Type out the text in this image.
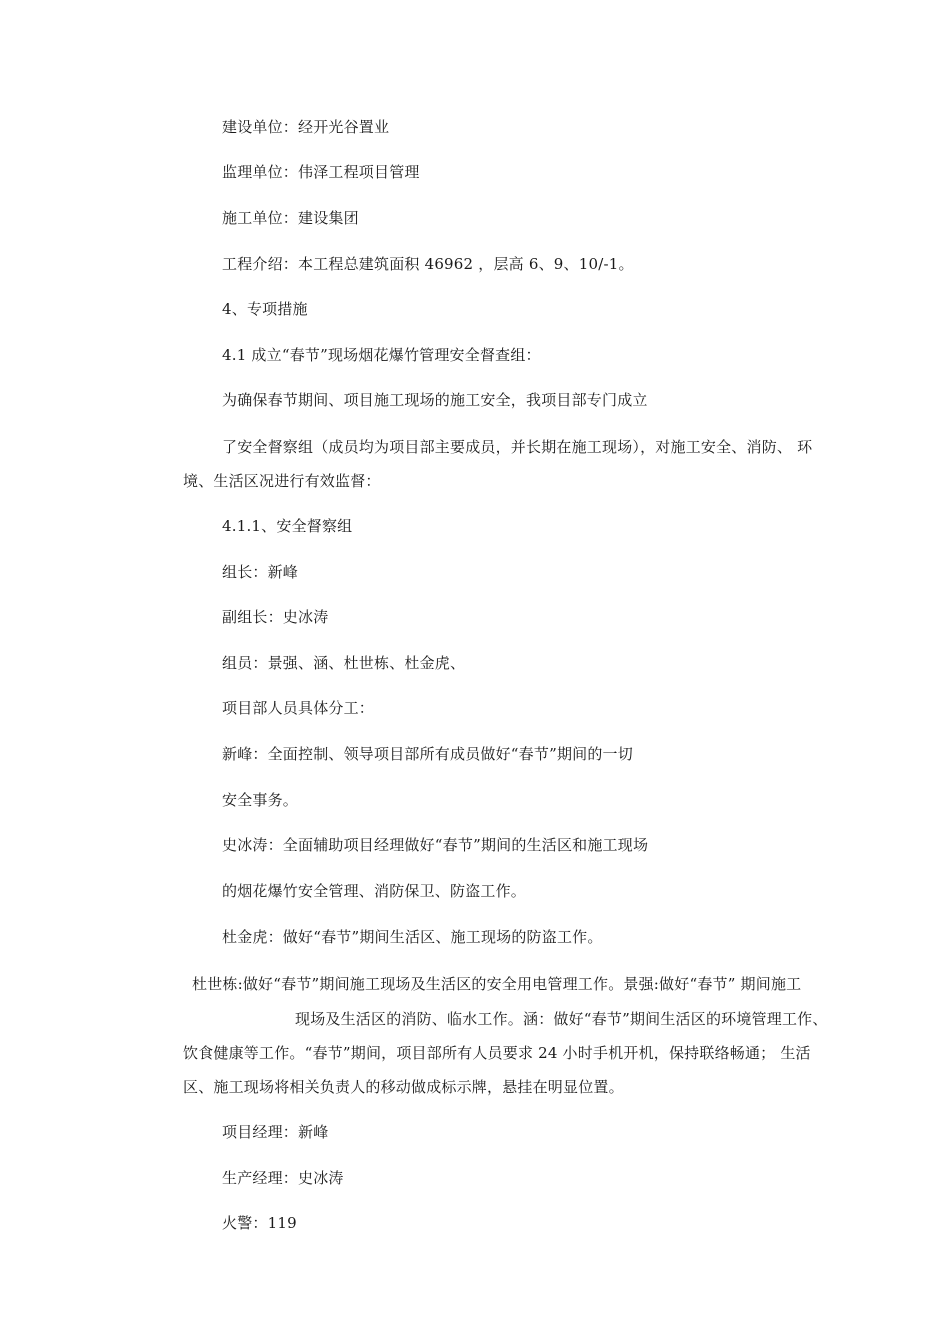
建设单位：经开光谷置业
监理单位：伟泽工程项目管理
施工单位：建设集团
工程介绍：本工程总建筑面积 46962 ，层高 6、9、10/-1。
4、专项措施
4.1 成立“春节”现场烟花爆竹管理安全督查组：
为确保春节期间、项目施工现场的施工安全，我项目部专门成立
了安全督察组（成员均为项目部主要成员，并长期在施工现场），对施工安全、消防、 环
境、生活区况进行有效监督：
4.1.1、安全督察组
组长：新峰
副组长：史冰涛
组员：景强、涵、杜世栋、杜金虎、
项目部人员具体分工：
新峰：全面控制、领导项目部所有成员做好“春节”期间的一切
安全事务。
史冰涛：全面辅助项目经理做好“春节”期间的生活区和施工现场
的烟花爆竹安全管理、消防保卫、防盗工作。
杜金虎：做好“春节”期间生活区、施工现场的防盗工作。
杜世栋:做好“春节”期间施工现场及生活区的安全用电管理工作。景强:做好“春节” 期间施工
现场及生活区的消防、临水工作。涵：做好“春节”期间生活区的环境管理工作、
饮食健康等工作。“春节”期间，项目部所有人员要求 24 小时手机开机，保持联络畅通； 生活
区、施工现场将相关负责人的移动做成标示牌，悬挂在明显位置。
项目经理：新峰
生产经理：史冰涛
火警：119
